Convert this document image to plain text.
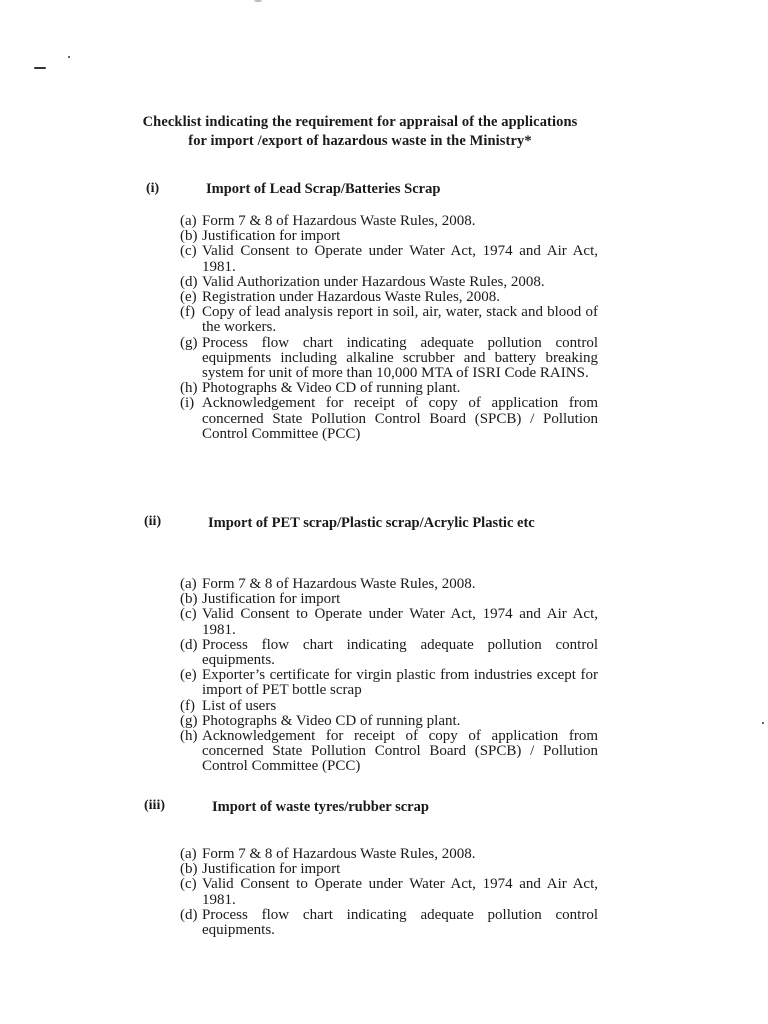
Checklist indicating the requirement for appraisal of the applications for import /export of hazardous waste in the Ministry*
(i)	Import of Lead Scrap/Batteries Scrap
(a) Form 7 & 8 of Hazardous Waste Rules, 2008.
(b) Justification for import
(c) Valid Consent to Operate under Water Act, 1974 and Air Act, 1981.
(d) Valid Authorization under Hazardous Waste Rules, 2008.
(e) Registration under Hazardous Waste Rules, 2008.
(f) Copy of lead analysis report in soil, air, water, stack and blood of the workers.
(g) Process flow chart indicating adequate pollution control equipments including alkaline scrubber and battery breaking system for unit of more than 10,000 MTA of ISRI Code RAINS.
(h) Photographs & Video CD of running plant.
(i) Acknowledgement for receipt of copy of application from concerned State Pollution Control Board (SPCB) / Pollution Control Committee (PCC)
(ii)	Import of PET scrap/Plastic scrap/Acrylic Plastic etc
(a) Form 7 & 8 of Hazardous Waste Rules, 2008.
(b) Justification for import
(c) Valid Consent to Operate under Water Act, 1974 and Air Act, 1981.
(d) Process flow chart indicating adequate pollution control equipments.
(e) Exporter’s certificate for virgin plastic from industries except for import of PET bottle scrap
(f) List of users
(g) Photographs & Video CD of running plant.
(h) Acknowledgement for receipt of copy of application from concerned State Pollution Control Board (SPCB) / Pollution Control Committee (PCC)
(iii)	Import of waste tyres/rubber scrap
(a) Form 7 & 8 of Hazardous Waste Rules, 2008.
(b) Justification for import
(c) Valid Consent to Operate under Water Act, 1974 and Air Act, 1981.
(d) Process flow chart indicating adequate pollution control equipments.
